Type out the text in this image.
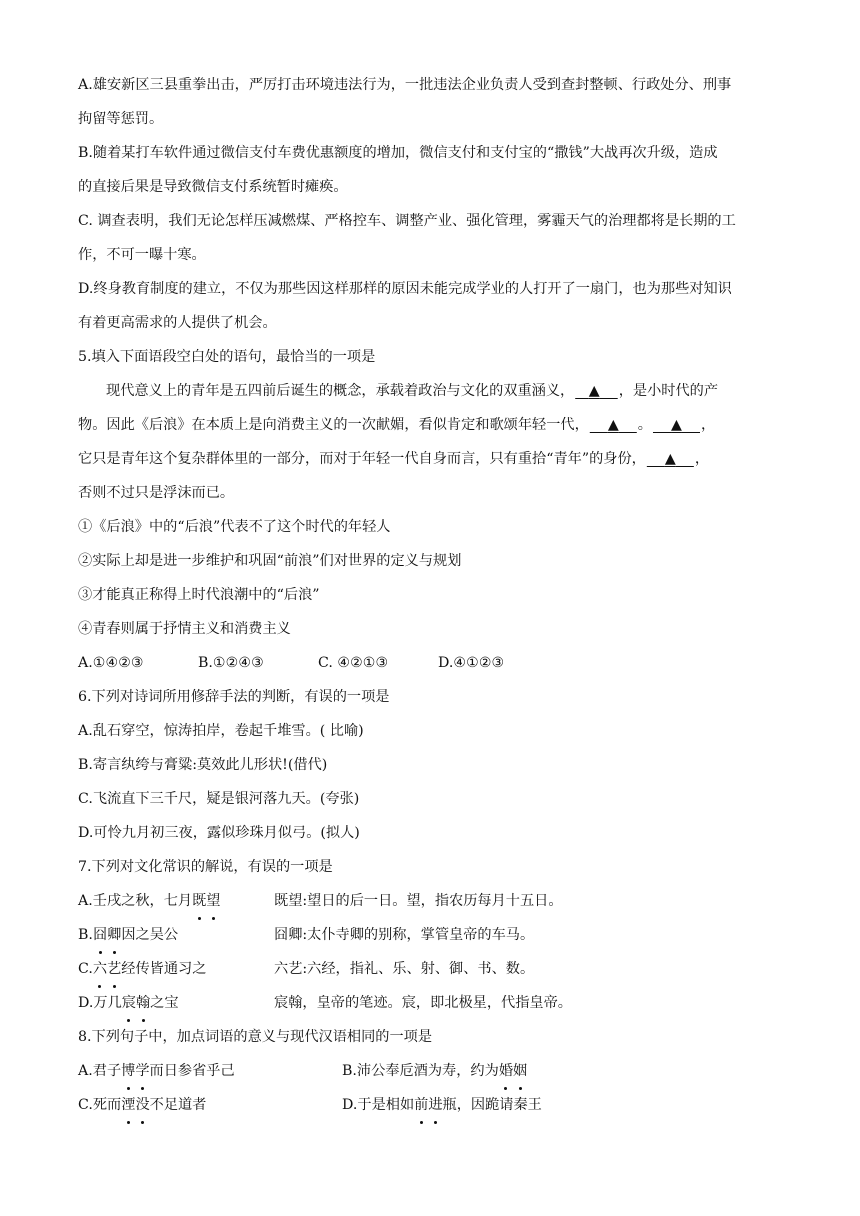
A.雄安新区三县重拳出击，严厉打击环境违法行为，一批违法企业负责人受到查封整顿、行政处分、刑事
拘留等惩罚。
B.随着某打车软件通过微信支付车费优惠额度的增加，微信支付和支付宝的“撒钱”大战再次升级，造成
的直接后果是导致微信支付系统暂时瘫痪。
C. 调查表明，我们无论怎样压减燃煤、严格控车、调整产业、强化管理，雾霾天气的治理都将是长期的工
作，不可一曝十寒。
D.终身教育制度的建立，不仅为那些因这样那样的原因未能完成学业的人打开了一扇门，也为那些对知识
有着更高需求的人提供了机会。
5.填入下面语段空白处的语句，最恰当的一项是
现代意义上的青年是五四前后诞生的概念，承载着政治与文化的双重涵义， ▲ ，是小时代的产
物。因此《后浪》在本质上是向消费主义的一次献媚，看似肯定和歌颂年轻一代， ▲ 。 ▲ ，
它只是青年这个复杂群体里的一部分，而对于年轻一代自身而言，只有重拾“青年”的身份， ▲ ，
否则不过只是浮沫而已。
①《后浪》中的“后浪”代表不了这个时代的年轻人
②实际上却是进一步维护和巩固“前浪”们对世界的定义与规划
③才能真正称得上时代浪潮中的“后浪”
④青春则属于抒情主义和消费主义
A.①④②③	B.①②④③	C. ④②①③	D.④①②③
6.下列对诗词所用修辞手法的判断，有误的一项是
A.乱石穿空，惊涛拍岸，卷起千堆雪。( 比喻)
B.寄言纨绔与膏粱:莫效此儿形状!(借代)
C.飞流直下三千尺，疑是银河落九天。(夸张)
D.可怜九月初三夜，露似珍珠月似弓。(拟人)
7.下列对文化常识的解说，有误的一项是
A.壬戌之秋，七月既望	既望:望日的后一日。望，指农历每月十五日。
B.囧卿因之吴公	囧卿:太仆寺卿的别称，掌管皇帝的车马。
C.六艺经传皆通习之	六艺:六经，指礼、乐、射、御、书、数。
D.万几宸翰之宝	宸翰，皇帝的笔迹。宸，即北极星，代指皇帝。
8.下列句子中，加点词语的意义与现代汉语相同的一项是
A.君子博学而日参省乎己	B.沛公奉卮酒为寿，约为婚姻
C.死而湮没不足道者	D.于是相如前进瓶，因跪请秦王
